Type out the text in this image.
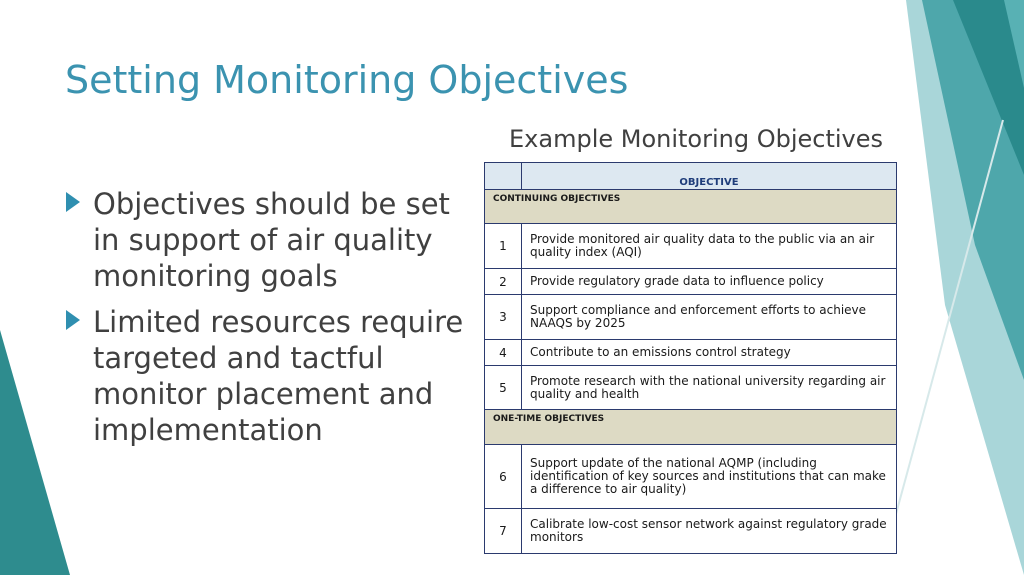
Setting Monitoring Objectives
Objectives should be set in support of air quality monitoring goals
Limited resources require targeted and tactful monitor placement and implementation
Example Monitoring Objectives
	OBJECTIVE
CONTINUING OBJECTIVES	
1	Provide monitored air quality data to the public via an air quality index (AQI)
2	Provide regulatory grade data to influence policy
3	Support compliance and enforcement efforts to achieve NAAQS by 2025
4	Contribute to an emissions control strategy
5	Promote research with the national university regarding air quality and health
ONE-TIME OBJECTIVES	
6	Support update of the national AQMP (including identification of key sources and institutions that can make a difference to air quality)
7	Calibrate low-cost sensor network against regulatory grade monitors
